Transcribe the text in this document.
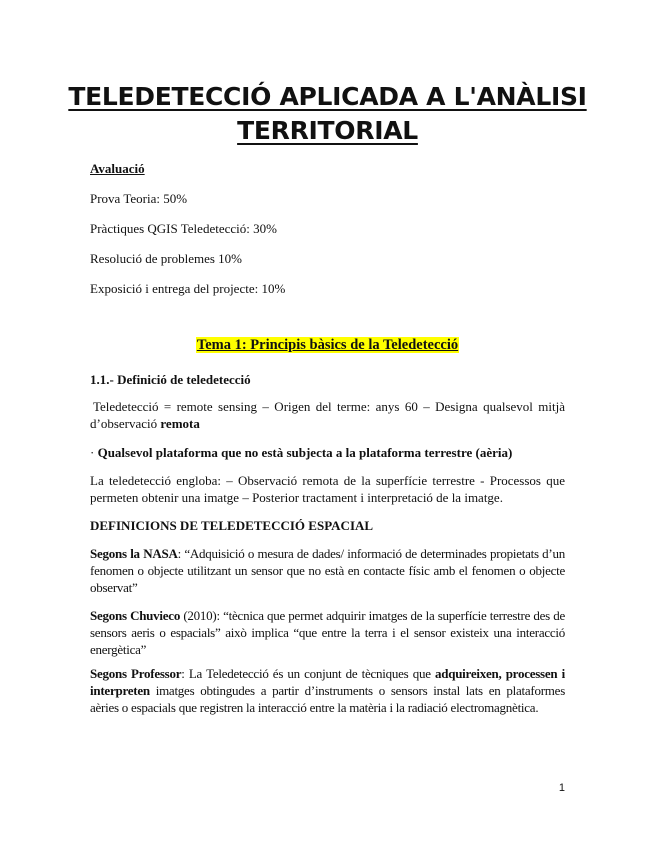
TELEDETECCIÓ APLICADA A L'ANÀLISI TERRITORIAL
Avaluació
Prova Teoria: 50%
Pràctiques QGIS Teledetecció: 30%
Resolució de problemes 10%
Exposició i entrega del projecte: 10%
Tema 1: Principis bàsics de la Teledetecció
1.1.- Definició de teledetecció
Teledetecció = remote sensing – Origen del terme: anys 60 – Designa qualsevol mitjà d’observació remota
· Qualsevol plataforma que no està subjecta a la plataforma terrestre (aèria)
La teledetecció engloba: – Observació remota de la superfície terrestre - Processos que permeten obtenir una imatge – Posterior tractament i interpretació de la imatge.
DEFINICIONS DE TELEDETECCIÓ ESPACIAL
Segons la NASA: “Adquisició o mesura de dades/ informació de determinades propietats d’un fenomen o objecte utilitzant un sensor que no està en contacte físic amb el fenomen o objecte observat”
Segons Chuvieco (2010): “tècnica que permet adquirir imatges de la superfície terrestre des de sensors aeris o espacials” això implica “que entre la terra i el sensor existeix una interacció energètica”
Segons Professor: La Teledetecció és un conjunt de tècniques que adquireixen, processen i interpreten imatges obtingudes a partir d’instruments o sensors instal lats en plataformes aèries o espacials que registren la interacció entre la matèria i la radiació electromagnètica.
1
